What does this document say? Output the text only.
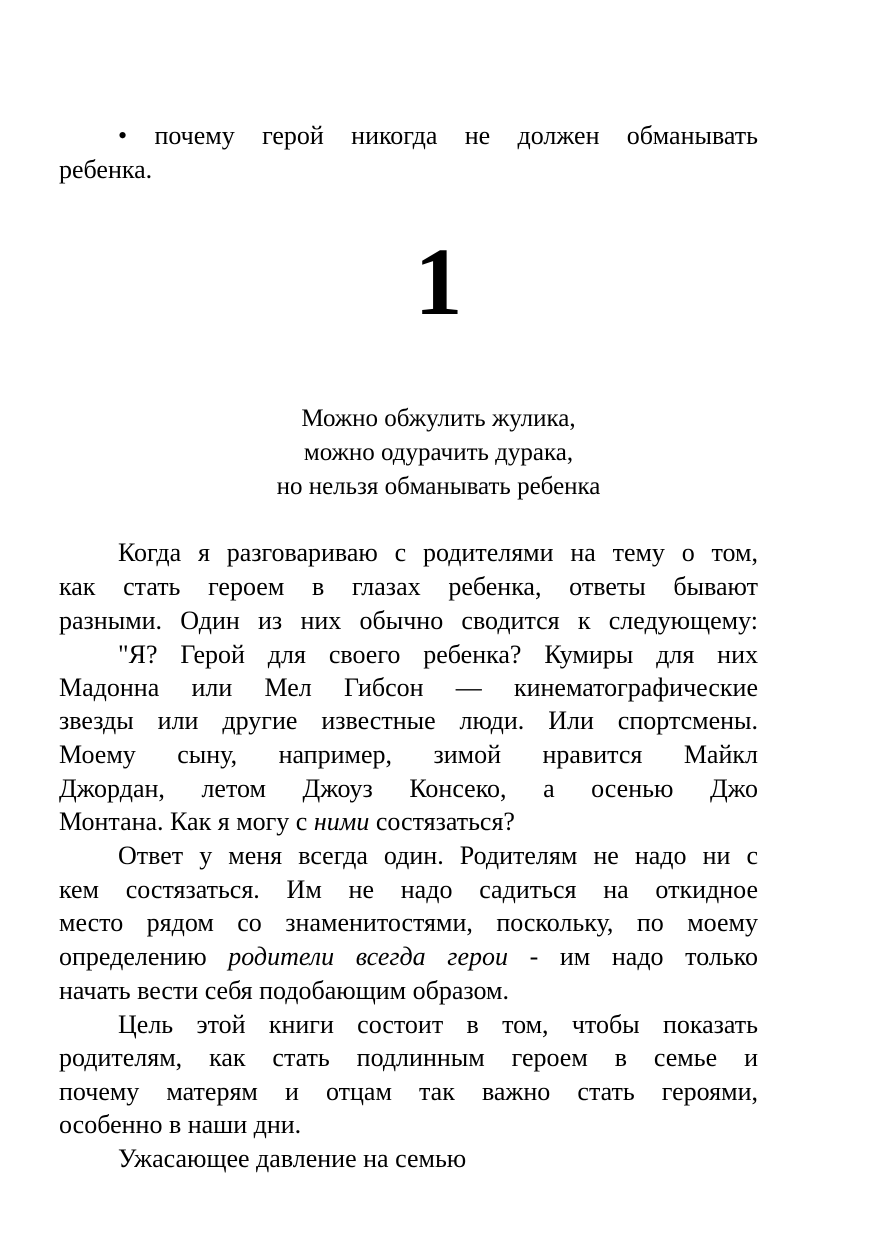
• почему герой никогда не должен обманывать
ребенка.
1
Можно обжулить жулика,
можно одурачить дурака,
но нельзя обманывать ребенка
Когда я разговариваю с родителями на тему о том,
как стать героем в глазах ребенка, ответы бывают
разными. Один из них обычно сводится к следующему:
"Я? Герой для своего ребенка? Кумиры для них
Мадонна или Мел Гибсон — кинематографические
звезды или другие известные люди. Или спортсмены.
Моему сыну, например, зимой нравится Майкл
Джордан, летом Джоуз Консеко, а осенью Джо
Монтана. Как я могу с ними состязаться?
Ответ у меня всегда один. Родителям не надо ни с
кем состязаться. Им не надо садиться на откидное
место рядом со знаменитостями, поскольку, по моему
определению родители всегда герои - им надо только
начать вести себя подобающим образом.
Цель этой книги состоит в том, чтобы показать
родителям, как стать подлинным героем в семье и
почему матерям и отцам так важно стать героями,
особенно в наши дни.
Ужасающее давление на семью
